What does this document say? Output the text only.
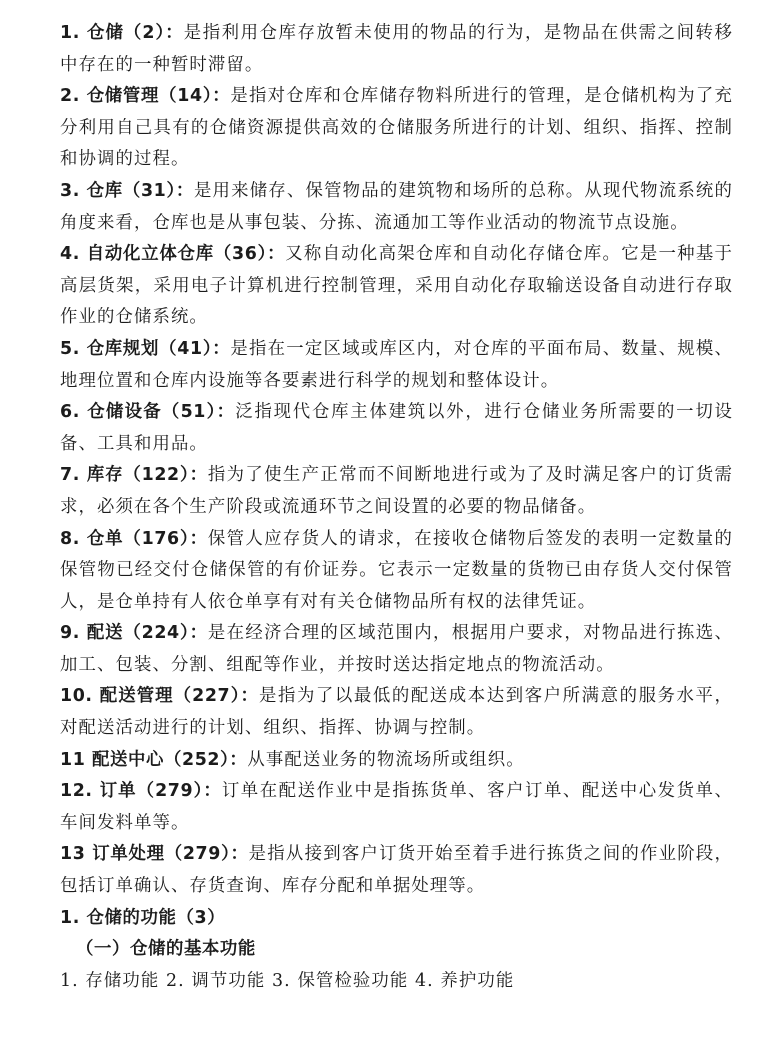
1. 仓储（2）：是指利用仓库存放暂未使用的物品的行为，是物品在供需之间转移中存在的一种暂时滞留。

2. 仓储管理（14）：是指对仓库和仓库储存物料所进行的管理，是仓储机构为了充分利用自己具有的仓储资源提供高效的仓储服务所进行的计划、组织、指挥、控制和协调的过程。

3. 仓库（31）：是用来储存、保管物品的建筑物和场所的总称。从现代物流系统的角度来看，仓库也是从事包装、分拣、流通加工等作业活动的物流节点设施。

4. 自动化立体仓库（36）：又称自动化高架仓库和自动化存储仓库。它是一种基于高层货架，采用电子计算机进行控制管理，采用自动化存取输送设备自动进行存取作业的仓储系统。

5. 仓库规划（41）：是指在一定区域或库区内，对仓库的平面布局、数量、规模、地理位置和仓库内设施等各要素进行科学的规划和整体设计。

6. 仓储设备（51）：泛指现代仓库主体建筑以外，进行仓储业务所需要的一切设备、工具和用品。

7. 库存（122）：指为了使生产正常而不间断地进行或为了及时满足客户的订货需求，必须在各个生产阶段或流通环节之间设置的必要的物品储备。

8. 仓单（176）：保管人应存货人的请求，在接收仓储物后签发的表明一定数量的保管物已经交付仓储保管的有价证券。它表示一定数量的货物已由存货人交付保管人，是仓单持有人依仓单享有对有关仓储物品所有权的法律凭证。

9. 配送（224）：是在经济合理的区域范围内，根据用户要求，对物品进行拣选、加工、包装、分割、组配等作业，并按时送达指定地点的物流活动。

10. 配送管理（227）：是指为了以最低的配送成本达到客户所满意的服务水平，对配送活动进行的计划、组织、指挥、协调与控制。

11 配送中心（252）：从事配送业务的物流场所或组织。

12. 订单（279）：订单在配送作业中是指拣货单、客户订单、配送中心发货单、车间发料单等。

13 订单处理（279）：是指从接到客户订货开始至着手进行拣货之间的作业阶段，包括订单确认、存货查询、库存分配和单据处理等。

1. 仓储的功能（3）

（一）仓储的基本功能

1. 存储功能 2. 调节功能 3. 保管检验功能 4. 养护功能
